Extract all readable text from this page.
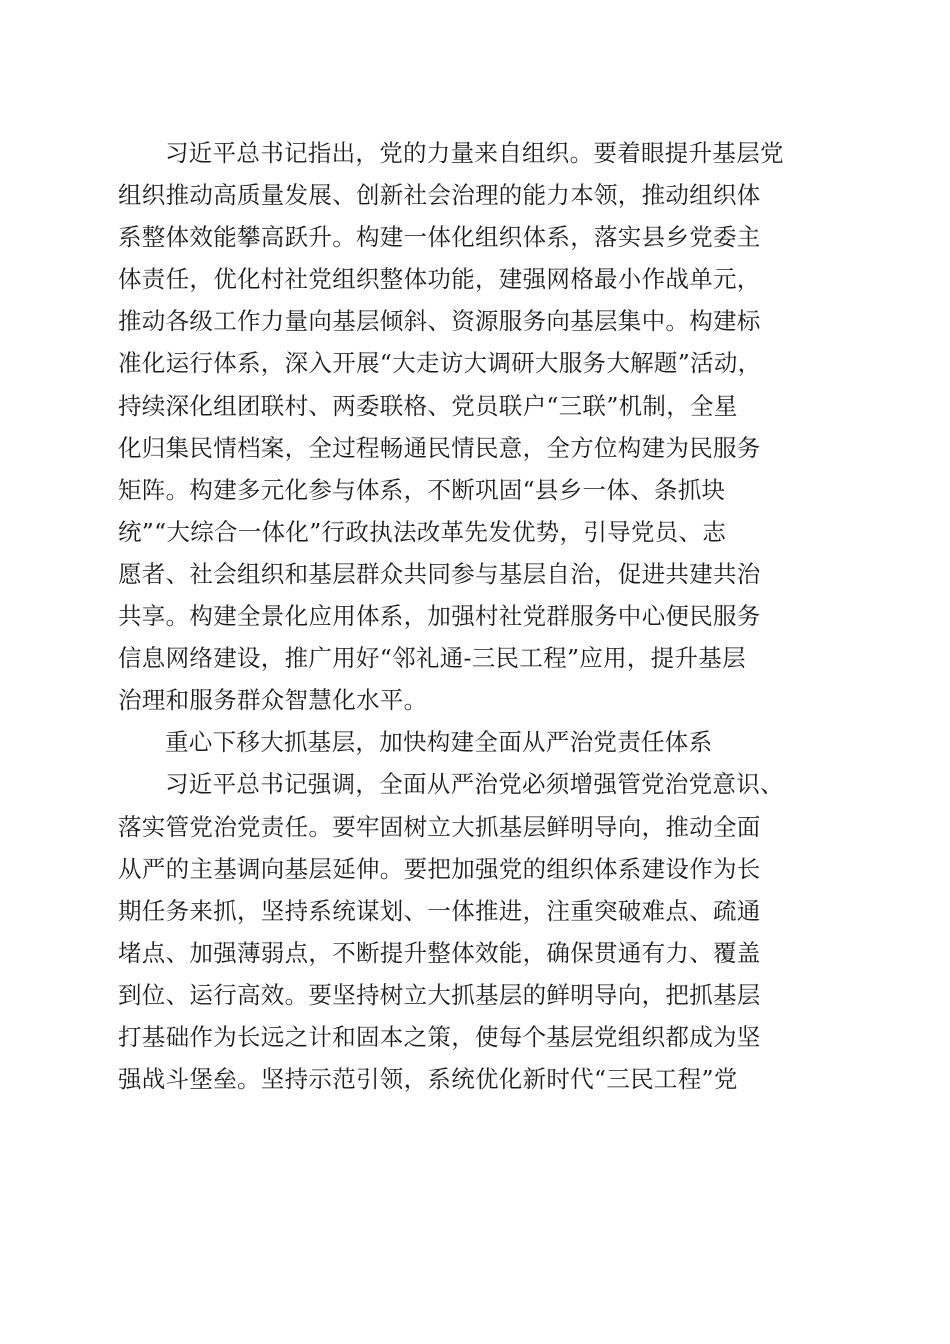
习近平总书记指出，党的力量来自组织。要着眼提升基层党
组织推动高质量发展、创新社会治理的能力本领，推动组织体
系整体效能攀高跃升。构建一体化组织体系，落实县乡党委主
体责任，优化村社党组织整体功能，建强网格最小作战单元，
推动各级工作力量向基层倾斜、资源服务向基层集中。构建标
准化运行体系，深入开展“大走访大调研大服务大解题”活动，
持续深化组团联村、两委联格、党员联户“三联”机制，全星
化归集民情档案，全过程畅通民情民意，全方位构建为民服务
矩阵。构建多元化参与体系，不断巩固“县乡一体、条抓块
统”“大综合一体化”行政执法改革先发优势，引导党员、志
愿者、社会组织和基层群众共同参与基层自治，促进共建共治
共享。构建全景化应用体系，加强村社党群服务中心便民服务
信息网络建设，推广用好“邻礼通-三民工程”应用，提升基层
治理和服务群众智慧化水平。
重心下移大抓基层，加快构建全面从严治党责任体系
习近平总书记强调，全面从严治党必须增强管党治党意识、
落实管党治党责任。要牢固树立大抓基层鲜明导向，推动全面
从严的主基调向基层延伸。要把加强党的组织体系建设作为长
期任务来抓，坚持系统谋划、一体推进，注重突破难点、疏通
堵点、加强薄弱点，不断提升整体效能，确保贯通有力、覆盖
到位、运行高效。要坚持树立大抓基层的鲜明导向，把抓基层
打基础作为长远之计和固本之策，使每个基层党组织都成为坚
强战斗堡垒。坚持示范引领，系统优化新时代“三民工程”党
